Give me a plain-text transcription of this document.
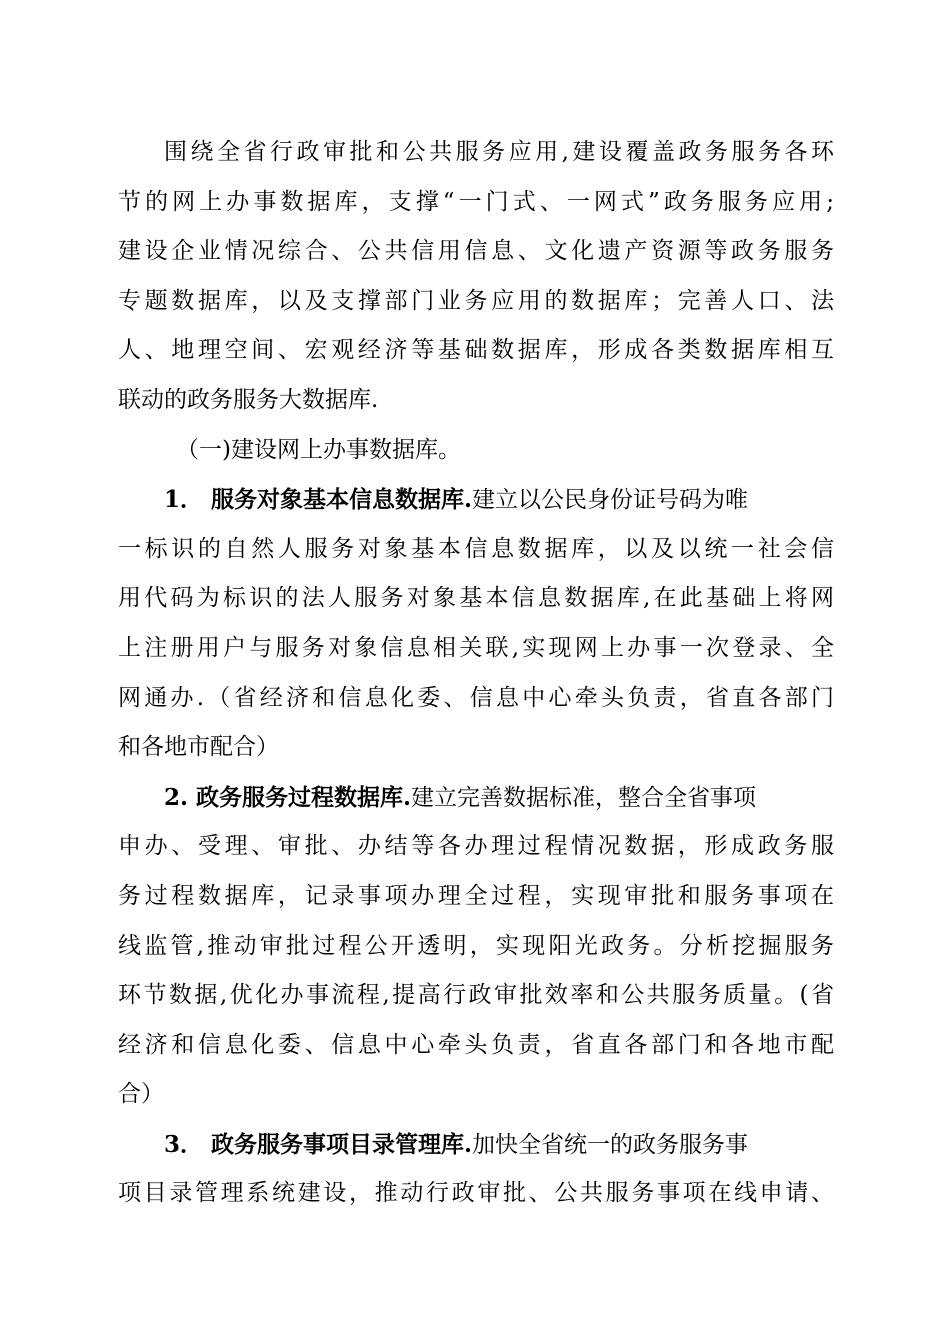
围绕全省行政审批和公共服务应用,建设覆盖政务服务各环
节的网上办事数据库，支撑“一门式、一网式”政务服务应用;
建设企业情况综合、公共信用信息、文化遗产资源等政务服务
专题数据库，以及支撑部门业务应用的数据库；完善人口、法
人、地理空间、宏观经济等基础数据库，形成各类数据库相互
联动的政务服务大数据库.
（一)建设网上办事数据库。
1． 服务对象基本信息数据库.建立以公民身份证号码为唯
一标识的自然人服务对象基本信息数据库，以及以统一社会信
用代码为标识的法人服务对象基本信息数据库,在此基础上将网
上注册用户与服务对象信息相关联,实现网上办事一次登录、全
网通办.（省经济和信息化委、信息中心牵头负责，省直各部门
和各地市配合）
2. 政务服务过程数据库.建立完善数据标准，整合全省事项
申办、受理、审批、办结等各办理过程情况数据，形成政务服
务过程数据库，记录事项办理全过程，实现审批和服务事项在
线监管,推动审批过程公开透明，实现阳光政务。分析挖掘服务
环节数据,优化办事流程,提高行政审批效率和公共服务质量。(省
经济和信息化委、信息中心牵头负责，省直各部门和各地市配
合）
3． 政务服务事项目录管理库.加快全省统一的政务服务事
项目录管理系统建设，推动行政审批、公共服务事项在线申请、
